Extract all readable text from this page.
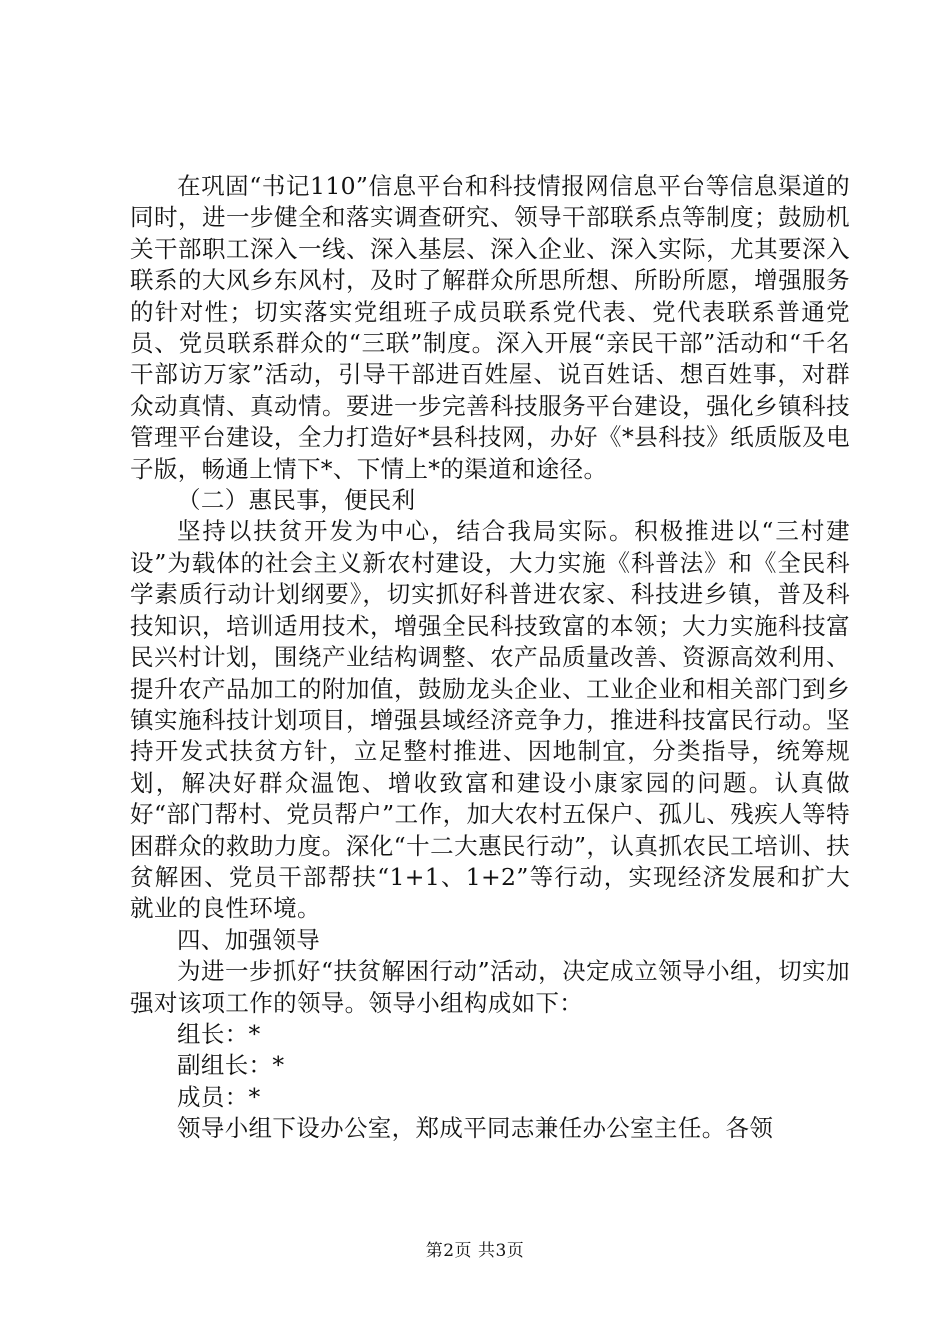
在巩固“书记110”信息平台和科技情报网信息平台等信息渠道的同时，进一步健全和落实调查研究、领导干部联系点等制度；鼓励机关干部职工深入一线、深入基层、深入企业、深入实际，尤其要深入联系的大风乡东风村，及时了解群众所思所想、所盼所愿，增强服务的针对性；切实落实党组班子成员联系党代表、党代表联系普通党员、党员联系群众的“三联”制度。深入开展“亲民干部”活动和“千名干部访万家”活动，引导干部进百姓屋、说百姓话、想百姓事，对群众动真情、真动情。要进一步完善科技服务平台建设，强化乡镇科技管理平台建设，全力打造好*县科技网，办好《*县科技》纸质版及电子版，畅通上情下*、下情上*的渠道和途径。

（二）惠民事，便民利

坚持以扶贫开发为中心，结合我局实际。积极推进以“三村建设”为载体的社会主义新农村建设，大力实施《科普法》和《全民科学素质行动计划纲要》，切实抓好科普进农家、科技进乡镇，普及科技知识，培训适用技术，增强全民科技致富的本领；大力实施科技富民兴村计划，围绕产业结构调整、农产品质量改善、资源高效利用、提升农产品加工的附加值，鼓励龙头企业、工业企业和相关部门到乡镇实施科技计划项目，增强县域经济竞争力，推进科技富民行动。坚持开发式扶贫方针，立足整村推进、因地制宜，分类指导，统筹规划，解决好群众温饱、增收致富和建设小康家园的问题。认真做好“部门帮村、党员帮户”工作，加大农村五保户、孤儿、残疾人等特困群众的救助力度。深化“十二大惠民行动”，认真抓农民工培训、扶贫解困、党员干部帮扶“1+1、1+2”等行动，实现经济发展和扩大就业的良性环境。

四、加强领导

为进一步抓好“扶贫解困行动”活动，决定成立领导小组，切实加强对该项工作的领导。领导小组构成如下：

组长：*

副组长：*

成员：*

领导小组下设办公室，郑成平同志兼任办公室主任。各领

第2页 共3页
